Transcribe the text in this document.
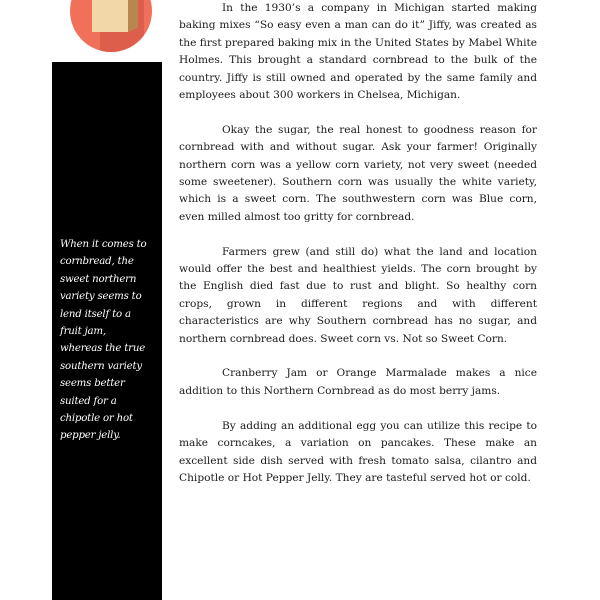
When it comes to
cornbread, the
sweet northern
variety seems to
lend itself to a
fruit jam,
whereas the true
southern variety
seems better
suited for a
chipotle or hot
pepper jelly.

In the 1930’s a company in Michigan started making baking mixes “So easy even a man can do it” Jiffy, was created as the first prepared baking mix in the United States by Mabel White Holmes. This brought a standard cornbread to the bulk of the country. Jiffy is still owned and operated by the same family and employees about 300 workers in Chelsea, Michigan.

Okay the sugar, the real honest to goodness reason for cornbread with and without sugar. Ask your farmer! Originally northern corn was a yellow corn variety, not very sweet (needed some sweetener). Southern corn was usually the white variety, which is a sweet corn. The southwestern corn was Blue corn, even milled almost too gritty for cornbread.

Farmers grew (and still do) what the land and location would offer the best and healthiest yields. The corn brought by the English died fast due to rust and blight. So healthy corn crops, grown in different regions and with different characteristics are why Southern cornbread has no sugar, and northern cornbread does. Sweet corn vs. Not so Sweet Corn.

Cranberry Jam or Orange Marmalade makes a nice addition to this Northern Cornbread as do most berry jams.

By adding an additional egg you can utilize this recipe to make corncakes, a variation on pancakes. These make an excellent side dish served with fresh tomato salsa, cilantro and Chipotle or Hot Pepper Jelly. They are tasteful served hot or cold.
